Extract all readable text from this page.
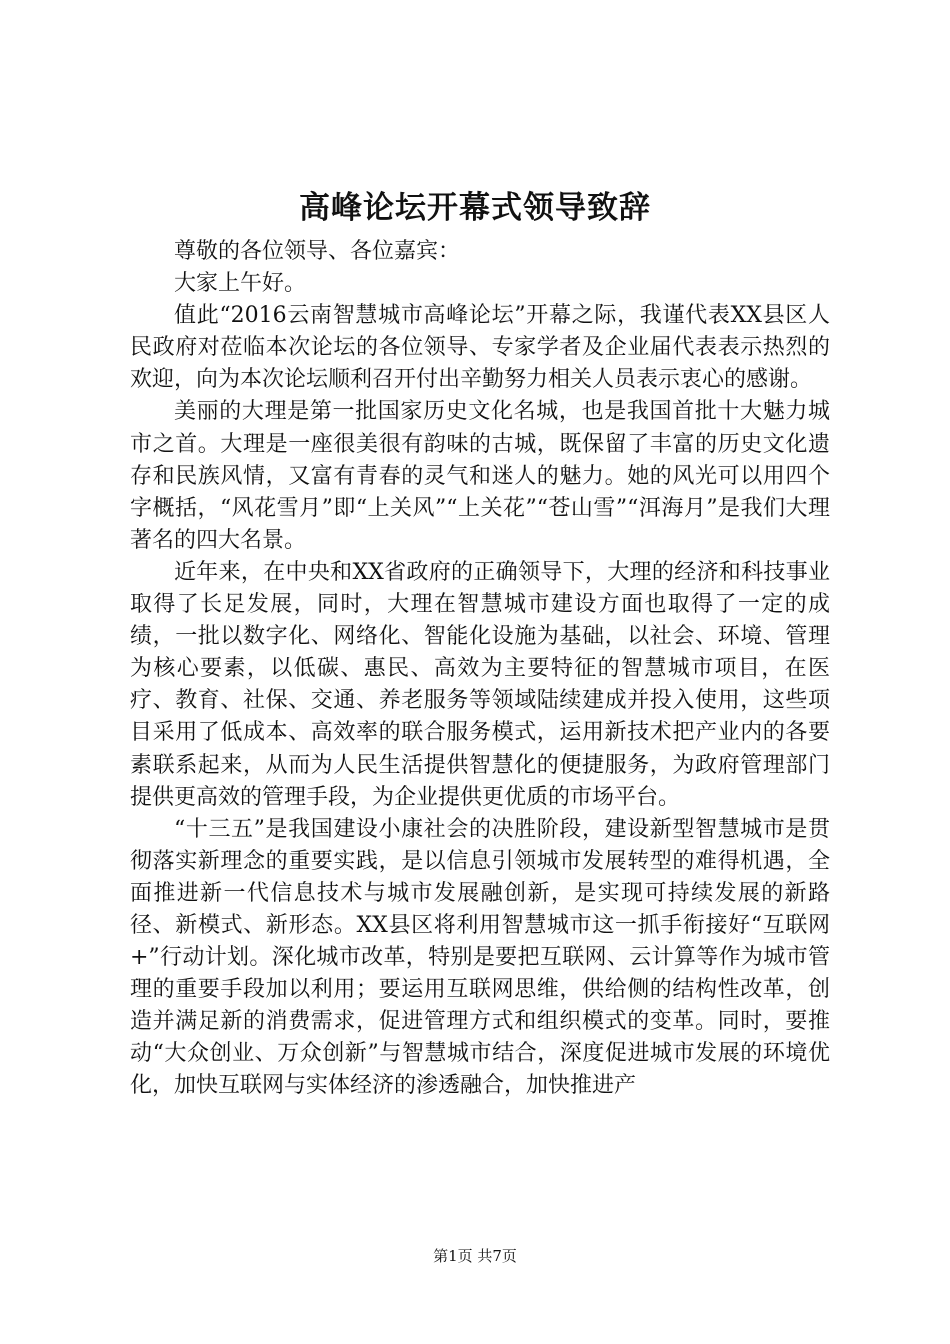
高峰论坛开幕式领导致辞

尊敬的各位领导、各位嘉宾：

大家上午好。

值此“2016云南智慧城市高峰论坛”开幕之际，我谨代表XX县区人民政府对莅临本次论坛的各位领导、专家学者及企业届代表表示热烈的欢迎，向为本次论坛顺利召开付出辛勤努力相关人员表示衷心的感谢。

美丽的大理是第一批国家历史文化名城，也是我国首批十大魅力城市之首。大理是一座很美很有韵味的古城，既保留了丰富的历史文化遗存和民族风情，又富有青春的灵气和迷人的魅力。她的风光可以用四个字概括，“风花雪月”即“上关风”“上关花”“苍山雪”“洱海月”是我们大理著名的四大名景。

近年来，在中央和XX省政府的正确领导下，大理的经济和科技事业取得了长足发展，同时，大理在智慧城市建设方面也取得了一定的成绩，一批以数字化、网络化、智能化设施为基础，以社会、环境、管理为核心要素，以低碳、惠民、高效为主要特征的智慧城市项目，在医疗、教育、社保、交通、养老服务等领域陆续建成并投入使用，这些项目采用了低成本、高效率的联合服务模式，运用新技术把产业内的各要素联系起来，从而为人民生活提供智慧化的便捷服务，为政府管理部门提供更高效的管理手段，为企业提供更优质的市场平台。

“十三五”是我国建设小康社会的决胜阶段，建设新型智慧城市是贯彻落实新理念的重要实践，是以信息引领城市发展转型的难得机遇，全面推进新一代信息技术与城市发展融创新，是实现可持续发展的新路径、新模式、新形态。XX县区将利用智慧城市这一抓手衔接好“互联网+”行动计划。深化城市改革，特别是要把互联网、云计算等作为城市管理的重要手段加以利用；要运用互联网思维，供给侧的结构性改革，创造并满足新的消费需求，促进管理方式和组织模式的变革。同时，要推动“大众创业、万众创新”与智慧城市结合，深度促进城市发展的环境优化，加快互联网与实体经济的渗透融合，加快推进产

第1页 共7页
